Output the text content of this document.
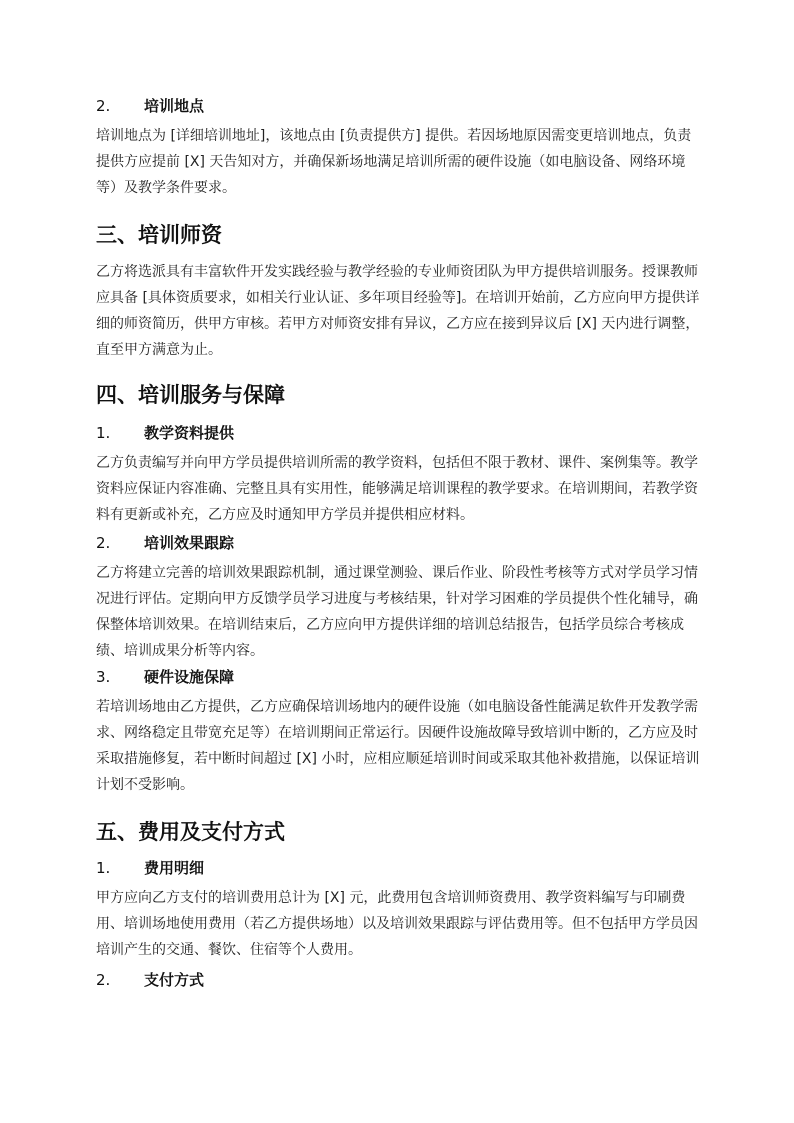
2. 培训地点
培训地点为 [详细培训地址]，该地点由 [负责提供方] 提供。若因场地原因需变更培训地点，负责提供方应提前 [X] 天告知对方，并确保新场地满足培训所需的硬件设施（如电脑设备、网络环境等）及教学条件要求。
三、培训师资
乙方将选派具有丰富软件开发实践经验与教学经验的专业师资团队为甲方提供培训服务。授课教师应具备 [具体资质要求，如相关行业认证、多年项目经验等]。在培训开始前，乙方应向甲方提供详细的师资简历，供甲方审核。若甲方对师资安排有异议，乙方应在接到异议后 [X] 天内进行调整，直至甲方满意为止。
四、培训服务与保障
1. 教学资料提供
乙方负责编写并向甲方学员提供培训所需的教学资料，包括但不限于教材、课件、案例集等。教学资料应保证内容准确、完整且具有实用性，能够满足培训课程的教学要求。在培训期间，若教学资料有更新或补充，乙方应及时通知甲方学员并提供相应材料。
2. 培训效果跟踪
乙方将建立完善的培训效果跟踪机制，通过课堂测验、课后作业、阶段性考核等方式对学员学习情况进行评估。定期向甲方反馈学员学习进度与考核结果，针对学习困难的学员提供个性化辅导，确保整体培训效果。在培训结束后，乙方应向甲方提供详细的培训总结报告，包括学员综合考核成绩、培训成果分析等内容。
3. 硬件设施保障
若培训场地由乙方提供，乙方应确保培训场地内的硬件设施（如电脑设备性能满足软件开发教学需求、网络稳定且带宽充足等）在培训期间正常运行。因硬件设施故障导致培训中断的，乙方应及时采取措施修复，若中断时间超过 [X] 小时，应相应顺延培训时间或采取其他补救措施，以保证培训计划不受影响。
五、费用及支付方式
1. 费用明细
甲方应向乙方支付的培训费用总计为 [X] 元，此费用包含培训师资费用、教学资料编写与印刷费用、培训场地使用费用（若乙方提供场地）以及培训效果跟踪与评估费用等。但不包括甲方学员因培训产生的交通、餐饮、住宿等个人费用。
2. 支付方式
